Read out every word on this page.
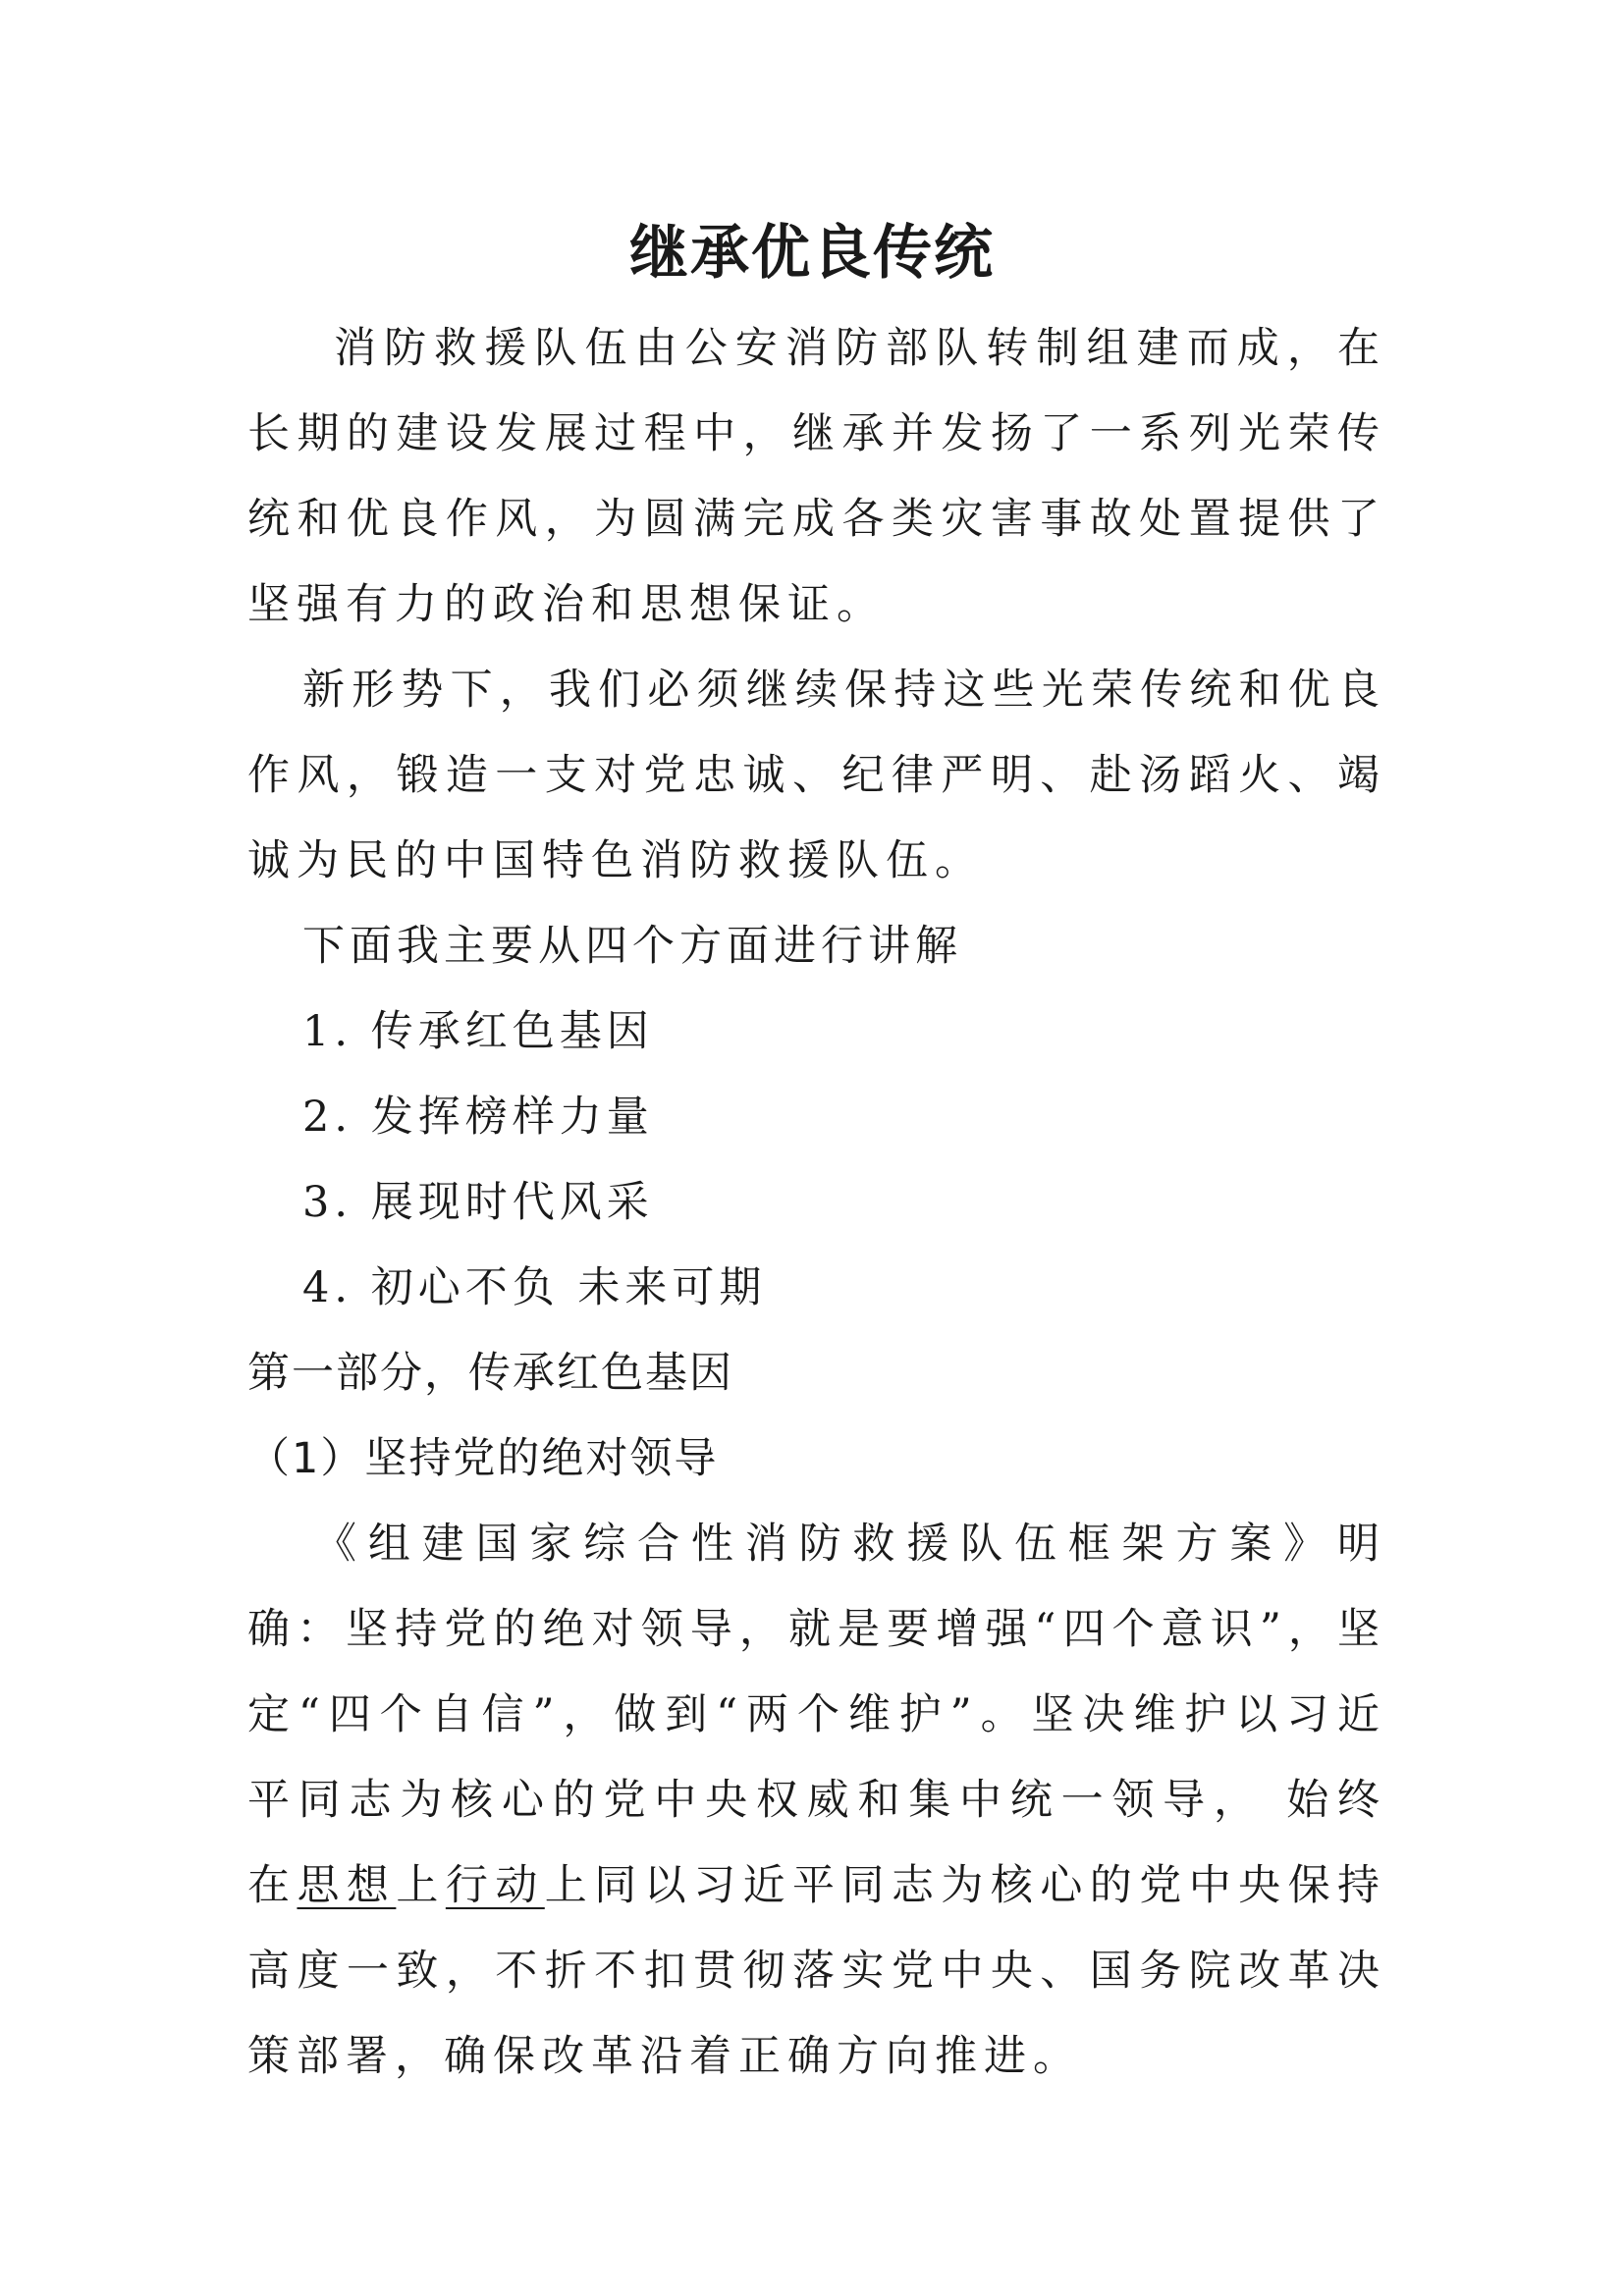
继承优良传统

消防救援队伍由公安消防部队转制组建而成，在长期的建设发展过程中，继承并发扬了一系列光荣传统和优良作风，为圆满完成各类灾害事故处置提供了坚强有力的政治和思想保证。

新形势下，我们必须继续保持这些光荣传统和优良作风，锻造一支对党忠诚、纪律严明、赴汤蹈火、竭诚为民的中国特色消防救援队伍。

下面我主要从四个方面进行讲解

1. 传承红色基因

2. 发挥榜样力量

3. 展现时代风采

4. 初心不负 未来可期

第一部分，传承红色基因

（1）坚持党的绝对领导

《组建国家综合性消防救援队伍框架方案》明确：坚持党的绝对领导，就是要增强“四个意识”，坚定“四个自信”，做到“两个维护”。坚决维护以习近平同志为核心的党中央权威和集中统一领导， 始终在思想上行动上同以习近平同志为核心的党中央保持高度一致，不折不扣贯彻落实党中央、国务院改革决策部署，确保改革沿着正确方向推进。
